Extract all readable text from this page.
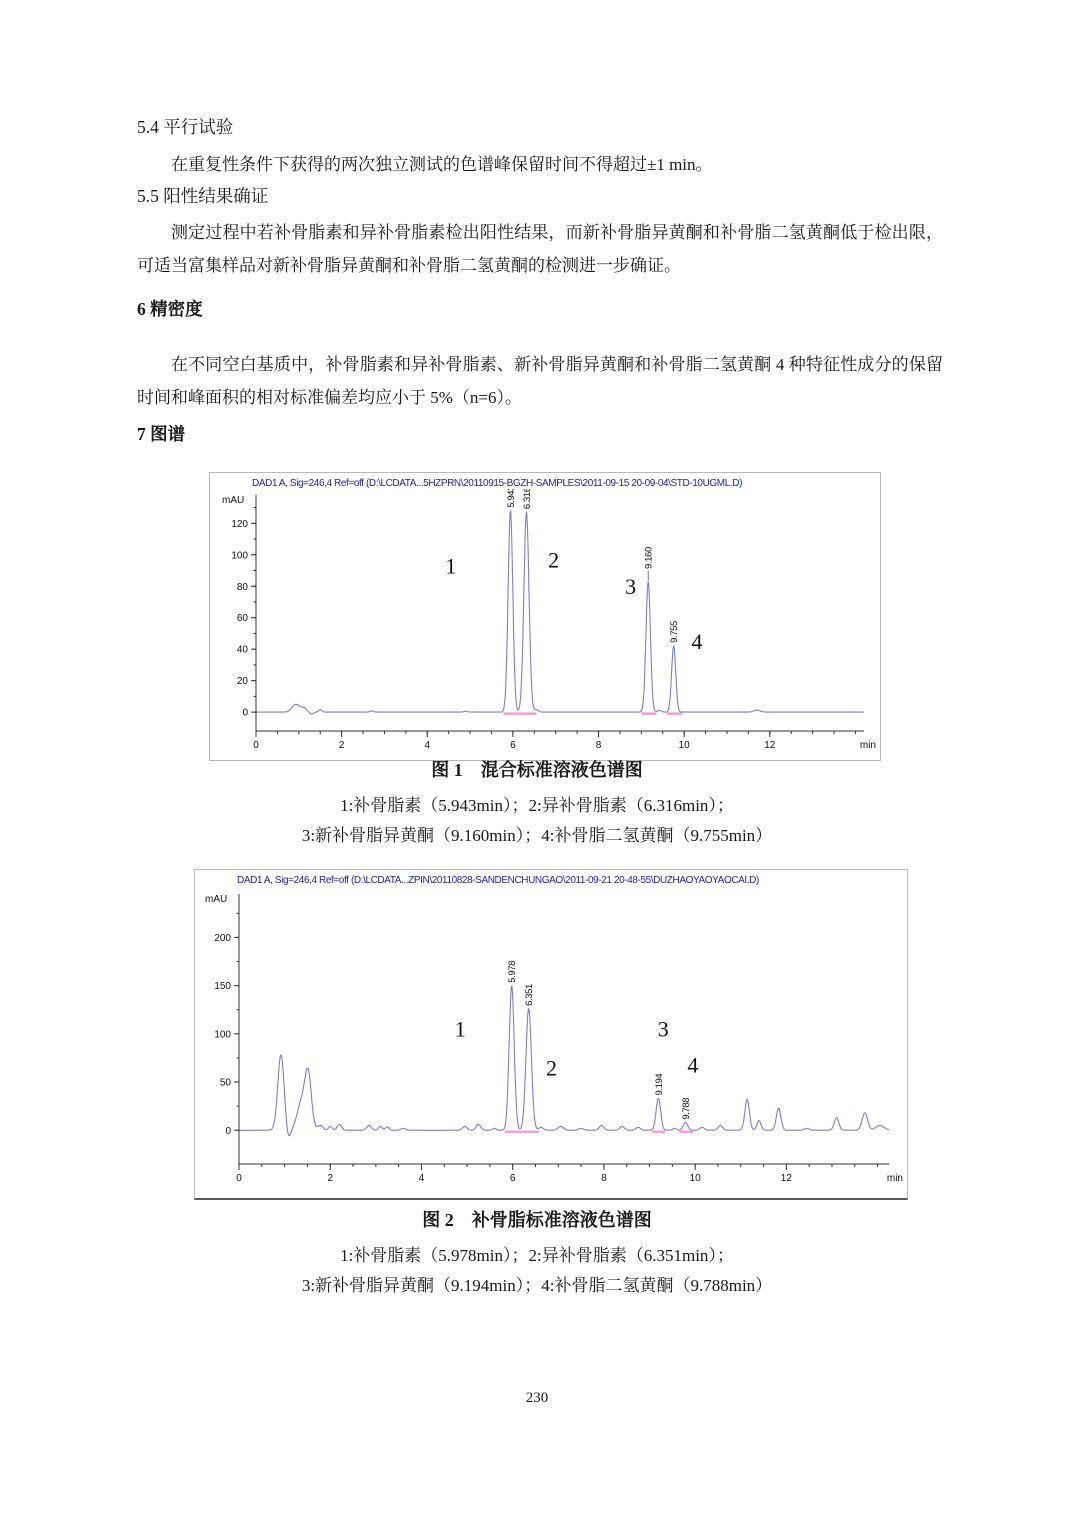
5.4 平行试验
在重复性条件下获得的两次独立测试的色谱峰保留时间不得超过±1 min。
5.5 阳性结果确证
测定过程中若补骨脂素和异补骨脂素检出阳性结果，而新补骨脂异黄酮和补骨脂二氢黄酮低于检出限，可适当富集样品对新补骨脂异黄酮和补骨脂二氢黄酮的检测进一步确证。
6 精密度
在不同空白基质中，补骨脂素和异补骨脂素、新补骨脂异黄酮和补骨脂二氢黄酮 4 种特征性成分的保留时间和峰面积的相对标准偏差均应小于 5%（n=6）。
7 图谱
DAD1 A, Sig=246,4 Ref=off (D:\LCDATA...5HZPRN\20110915-BGZH-SAMPLES\2011-09-15 20-09-04\STD-10UGML.D)
0	2	4	6	8	10	12	min
0
20
40
60
80
100
120
mAU	5.943 6.316
9.160
9.755
1	2
3
4
图 1　混合标准溶液色谱图
1:补骨脂素（5.943min）；2:异补骨脂素（6.316min）；
3:新补骨脂异黄酮（9.160min）；4:补骨脂二氢黄酮（9.755min）
DAD1 A, Sig=246,4 Ref=off (D:\LCDATA...ZPIN\20110828-SANDENCHUNGAO\2011-09-21 20-48-55\DUZHAOYAOYAOCAI.D)
0	2	4	6	8	10	12	min
0
50
100
150
200
mAU
5.978
6.351
9.194
9.788
1
2
3
4
图 2　补骨脂标准溶液色谱图
1:补骨脂素（5.978min）；2:异补骨脂素（6.351min）；
3:新补骨脂异黄酮（9.194min）；4:补骨脂二氢黄酮（9.788min）
230
